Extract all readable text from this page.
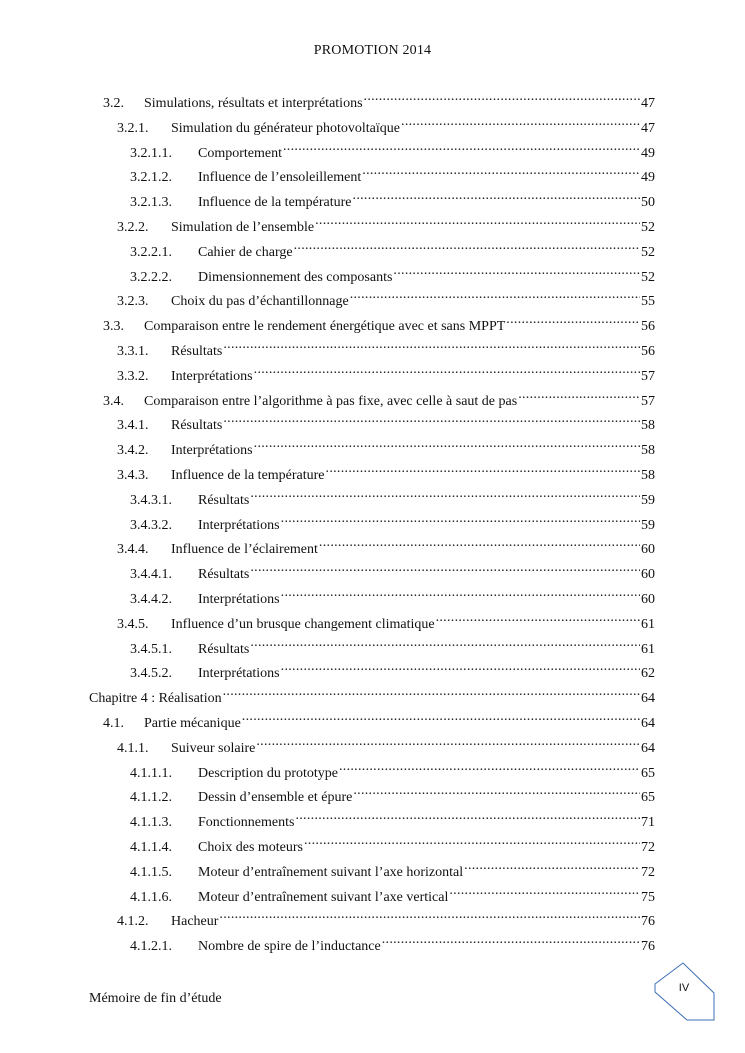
PROMOTION 2014
3.2.	Simulations, résultats et interprétations . . .	47
3.2.1.	Simulation du générateur photovoltaïque . . .	47
3.2.1.1.	Comportement . . .	49
3.2.1.2.	Influence de l’ensoleillement . . .	49
3.2.1.3.	Influence de la température . . .	50
3.2.2.	Simulation de l’ensemble . . .	52
3.2.2.1.	Cahier de charge . . .	52
3.2.2.2.	Dimensionnement des composants . . .	52
3.2.3.	Choix du pas d’échantillonnage . . .	55
3.3.	Comparaison entre le rendement énergétique avec et sans MPPT . . .	56
3.3.1.	Résultats . . .	56
3.3.2.	Interprétations . . .	57
3.4.	Comparaison entre l’algorithme à pas fixe, avec celle à saut de pas . . .	57
3.4.1.	Résultats . . .	58
3.4.2.	Interprétations . . .	58
3.4.3.	Influence de la température . . .	58
3.4.3.1.	Résultats . . .	59
3.4.3.2.	Interprétations . . .	59
3.4.4.	Influence de l’éclairement . . .	60
3.4.4.1.	Résultats . . .	60
3.4.4.2.	Interprétations . . .	60
3.4.5.	Influence d’un brusque changement climatique . . .	61
3.4.5.1.	Résultats . . .	61
3.4.5.2.	Interprétations . . .	62
Chapitre 4 : Réalisation . . .	64
4.1.	Partie mécanique . . .	64
4.1.1.	Suiveur solaire . . .	64
4.1.1.1.	Description du prototype . . .	65
4.1.1.2.	Dessin d’ensemble et épure . . .	65
4.1.1.3.	Fonctionnements . . .	71
4.1.1.4.	Choix des moteurs . . .	72
4.1.1.5.	Moteur d’entraînement suivant l’axe horizontal . . .	72
4.1.1.6.	Moteur d’entraînement suivant l’axe vertical . . .	75
4.1.2.	Hacheur . . .	76
4.1.2.1.	Nombre de spire de l’inductance . . .	76
Mémoire de fin d’étude
IV
